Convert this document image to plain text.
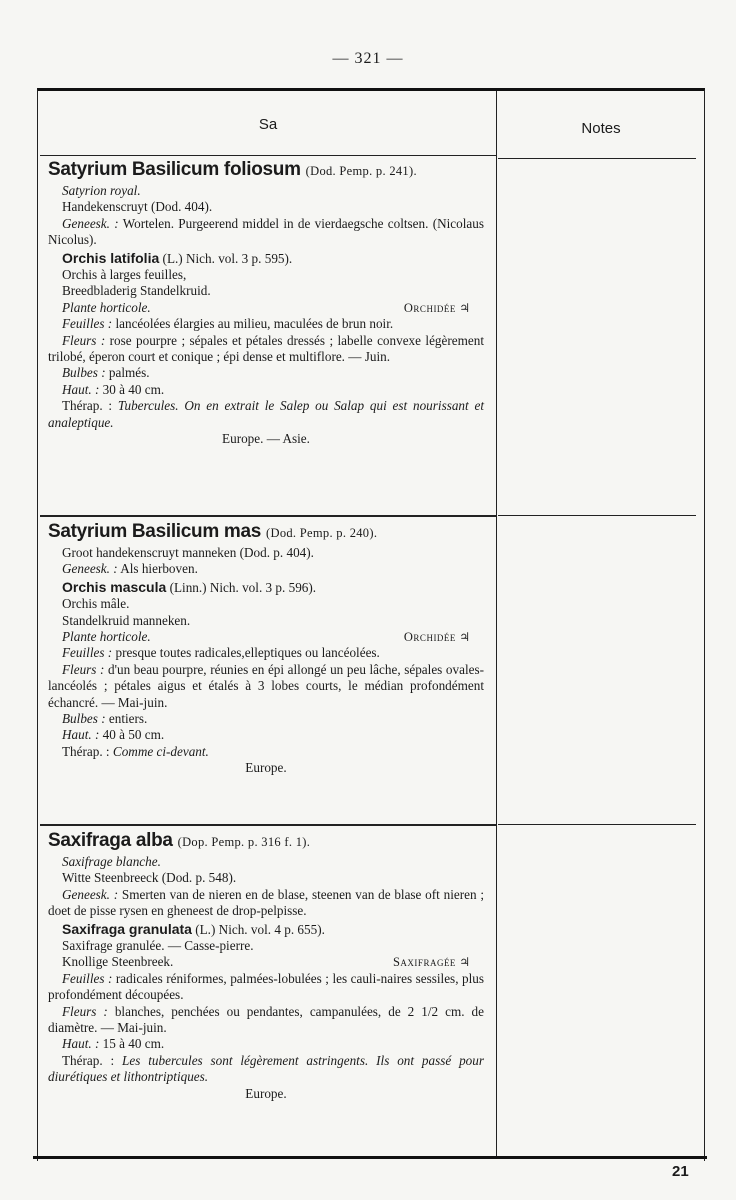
— 321 —
Sa	Notes

Satyrium Basilicum foliosum (Dod. Pemp. p. 241).

Satyrion royal.

Handekenscruyt (Dod. 404).

Geneesk. : Wortelen. Purgeerend middel in de vierdaegsche coltsen. (Nicolaus Nicolus).

Orchis latifolia (L.) Nich. vol. 3 p. 595).

Orchis à larges feuilles,

Breedbladerig Standelkruid.

Plante horticole.	Orchidée ♃

Feuilles : lancéolées élargies au milieu, maculées de brun noir.

Fleurs : rose pourpre ; sépales et pétales dressés ; labelle convexe légèrement trilobé, éperon court et conique ; épi dense et multiflore. — Juin.

Bulbes : palmés.

Haut. : 30 à 40 cm.

Thérap. : Tubercules. On en extrait le Salep ou Salap qui est nourissant et analeptique.

Europe. — Asie.

Satyrium Basilicum mas (Dod. Pemp. p. 240).

Groot handekenscruyt manneken (Dod. p. 404).

Geneesk. : Als hierboven.

Orchis mascula (Linn.) Nich. vol. 3 p. 596).

Orchis mâle.

Standelkruid manneken.

Plante horticole.	Orchidée ♃

Feuilles : presque toutes radicales,elleptiques ou lancéolées.

Fleurs : d'un beau pourpre, réunies en épi allongé un peu lâche, sépales ovales-lancéolés ; pétales aigus et étalés à 3 lobes courts, le médian profondément échancré. — Mai-juin.

Bulbes : entiers.

Haut. : 40 à 50 cm.

Thérap. : Comme ci-devant.

Europe.

Saxifraga alba (Dop. Pemp. p. 316 f. 1).

Saxifrage blanche.

Witte Steenbreeck (Dod. p. 548).

Geneesk. : Smerten van de nieren en de blase, steenen van de blase oft nieren ; doet de pisse rysen en gheneest de drop-pelpisse.

Saxifraga granulata (L.) Nich. vol. 4 p. 655).

Saxifrage granulée. — Casse-pierre.

Knollige Steenbreek.	Saxifragée ♃

Feuilles : radicales réniformes, palmées-lobulées ; les cauli-naires sessiles, plus profondément découpées.

Fleurs : blanches, penchées ou pendantes, campanulées, de 2 1/2 cm. de diamètre. — Mai-juin.

Haut. : 15 à 40 cm.

Thérap. : Les tubercules sont légèrement astringents. Ils ont passé pour diurétiques et lithontriptiques.

Europe.

21
